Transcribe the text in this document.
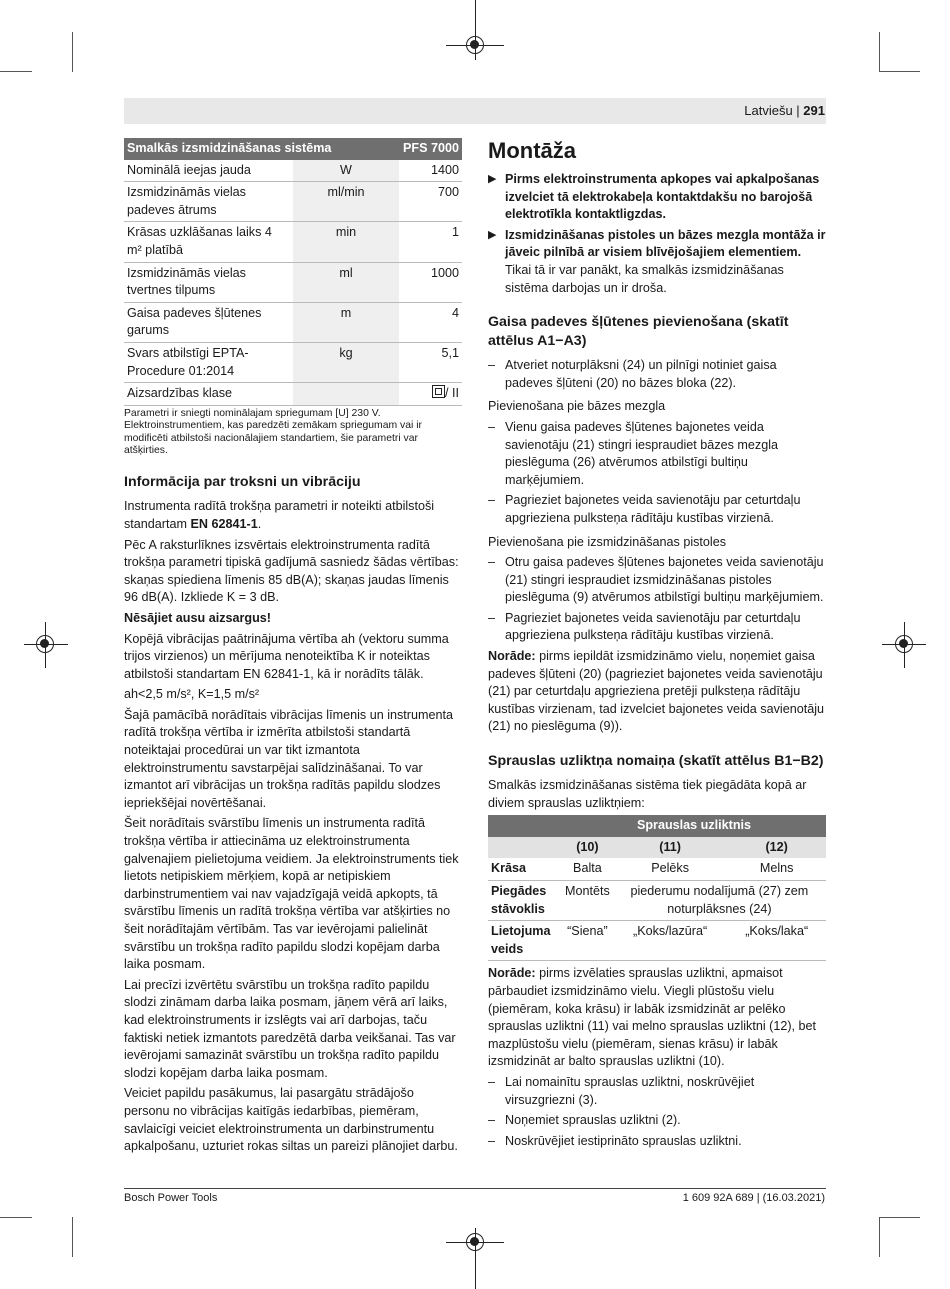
Latviešu | 291
Smalkās izsmidzināšanas sistēma		PFS 7000
Nominālā ieejas jauda	W	1400
Izsmidzināmās vielas padeves ātrums	ml/min	700
Krāsas uzklāšanas laiks 4 m² platībā	min	1
Izsmidzināmās vielas tvertnes tilpums	ml	1000
Gaisa padeves šļūtenes garums	m	4
Svars atbilstīgi EPTA-Procedure 01:2014	kg	5,1
Aizsardzības klase		/ II
Parametri ir sniegti nominālajam spriegumam [U] 230 V. Elektroinstrumentiem, kas paredzēti zemākam spriegumam vai ir modificēti atbilstoši nacionālajiem standartiem, šie parametri var atšķirties.
Informācija par troksni un vibrāciju

Instrumenta radītā trokšņa parametri ir noteikti atbilstoši standartam EN 62841-1.

Pēc A raksturlīknes izsvērtais elektroinstrumenta radītā trokšņa parametri tipiskā gadījumā sasniedz šādas vērtības: skaņas spiediena līmenis 85 dB(A); skaņas jaudas līmenis 96 dB(A). Izkliede K = 3 dB.

Nēsājiet ausu aizsargus!

Kopējā vibrācijas paātrinājuma vērtība ah (vektoru summa trijos virzienos) un mērījuma nenoteiktība K ir noteiktas atbilstoši standartam EN 62841-1, kā ir norādīts tālāk.

ah<2,5 m/s², K=1,5 m/s²

Šajā pamācībā norādītais vibrācijas līmenis un instrumenta radītā trokšņa vērtība ir izmērīta atbilstoši standartā noteiktajai procedūrai un var tikt izmantota elektroinstrumentu savstarpējai salīdzināšanai. To var izmantot arī vibrācijas un trokšņa radītās papildu slodzes iepriekšējai novērtēšanai.

Šeit norādītais svārstību līmenis un instrumenta radītā trokšņa vērtība ir attiecināma uz elektroinstrumenta galvenajiem pielietojuma veidiem. Ja elektroinstruments tiek lietots netipiskiem mērķiem, kopā ar netipiskiem darbinstrumentiem vai nav vajadzīgajā veidā apkopts, tā svārstību līmenis un radītā trokšņa vērtība var atšķirties no šeit norādītajām vērtībām. Tas var ievērojami palielināt svārstību un trokšņa radīto papildu slodzi kopējam darba laika posmam.

Lai precīzi izvērtētu svārstību un trokšņa radīto papildu slodzi zināmam darba laika posmam, jāņem vērā arī laiks, kad elektroinstruments ir izslēgts vai arī darbojas, taču faktiski netiek izmantots paredzētā darba veikšanai. Tas var ievērojami samazināt svārstību un trokšņa radīto papildu slodzi kopējam darba laika posmam.

Veiciet papildu pasākumus, lai pasargātu strādājošo personu no vibrācijas kaitīgās iedarbības, piemēram, savlaicīgi veiciet elektroinstrumenta un darbinstrumentu apkalpošanu, uzturiet rokas siltas un pareizi plānojiet darbu.

Montāža
▶ Pirms elektroinstrumenta apkopes vai apkalpošanas izvelciet tā elektrokabeļa kontaktdakšu no barojošā elektrotīkla kontaktligzdas.
▶ Izsmidzināšanas pistoles un bāzes mezgla montāža ir jāveic pilnībā ar visiem blīvējošajiem elementiem. Tikai tā ir var panākt, ka smalkās izsmidzināšanas sistēma darbojas un ir droša.
Gaisa padeves šļūtenes pievienošana (skatīt attēlus A1−A3)
– Atveriet noturplāksni (24) un pilnīgi notiniet gaisa padeves šļūteni (20) no bāzes bloka (22).

Pievienošana pie bāzes mezgla

– Vienu gaisa padeves šļūtenes bajonetes veida savienotāju (21) stingri iespraudiet bāzes mezgla pieslēguma (26) atvērumos atbilstīgi bultiņu marķējumiem.
– Pagrieziet bajonetes veida savienotāju par ceturtdaļu apgrieziena pulksteņa rādītāju kustības virzienā.

Pievienošana pie izsmidzināšanas pistoles

– Otru gaisa padeves šļūtenes bajonetes veida savienotāju (21) stingri iespraudiet izsmidzināšanas pistoles pieslēguma (9) atvērumos atbilstīgi bultiņu marķējumiem.
– Pagrieziet bajonetes veida savienotāju par ceturtdaļu apgrieziena pulksteņa rādītāju kustības virzienā.

Norāde: pirms iepildāt izsmidzināmo vielu, noņemiet gaisa padeves šļūteni (20) (pagrieziet bajonetes veida savienotāju (21) par ceturtdaļu apgrieziena pretēji pulksteņa rādītāju kustības virzienam, tad izvelciet bajonetes veida savienotāju (21) no pieslēguma (9)).

Sprauslas uzliktņa nomaiņa (skatīt attēlus B1−B2)

Smalkās izsmidzināšanas sistēma tiek piegādāta kopā ar diviem sprauslas uzliktņiem:

	Sprauslas uzliktnis		
	(10)	(11)	(12)
Krāsa	Balta	Pelēks	Melns
Piegādes stāvoklis	Montēts	piederumu nodalījumā (27) zem noturplāksnes (24)	
Lietojuma veids	“Siena”	„Koks/lazūra“	„Koks/laka“

Norāde: pirms izvēlaties sprauslas uzliktni, apmaisot pārbaudiet izsmidzināmo vielu. Viegli plūstošu vielu (piemēram, koka krāsu) ir labāk izsmidzināt ar pelēko sprauslas uzliktni (11) vai melno sprauslas uzliktni (12), bet mazplūstošu vielu (piemēram, sienas krāsu) ir labāk izsmidzināt ar balto sprauslas uzliktni (10).

– Lai nomainītu sprauslas uzliktni, noskrūvējiet virsuzgriezni (3).
– Noņemiet sprauslas uzliktni (2).
– Noskrūvējiet iestiprināto sprauslas uzliktni.
Bosch Power Tools	1 609 92A 689 | (16.03.2021)
